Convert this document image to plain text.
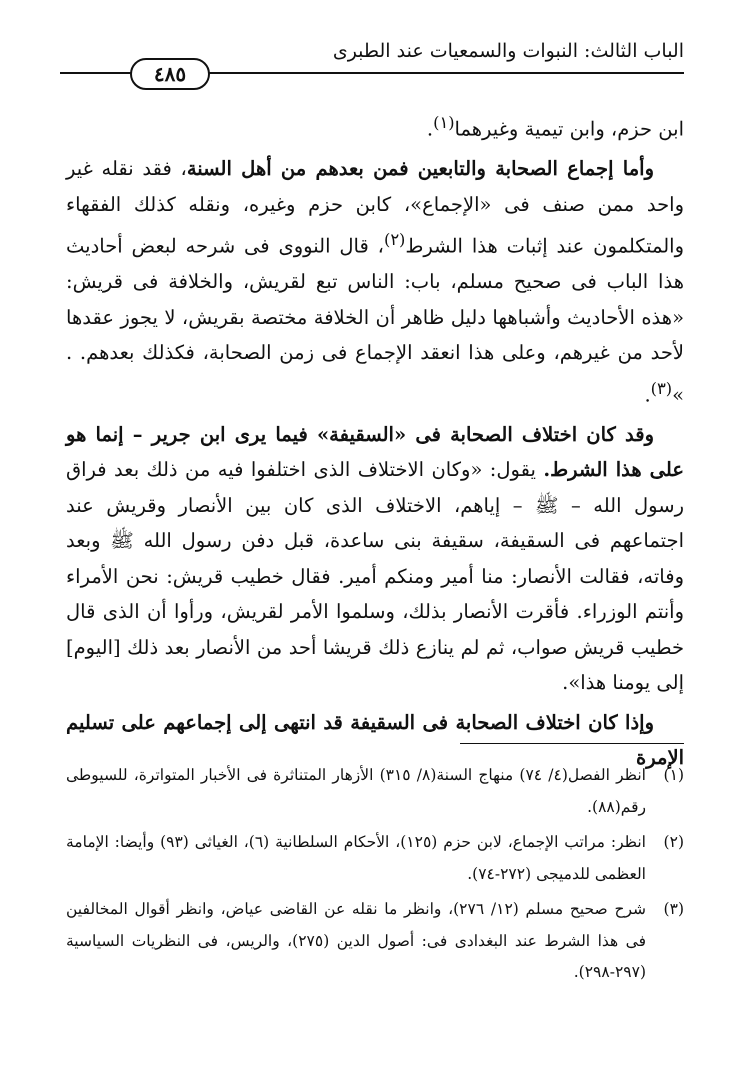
الباب الثالث: النبوات والسمعيات عند الطبرى
٤٨٥

ابن حزم، وابن تيمية وغيرهما$^{(١)}$.

وأما إجماع الصحابة والتابعين فمن بعدهم من أهل السنة، فقد نقله غير واحد ممن صنف فى «الإجماع»، كابن حزم وغيره، ونقله كذلك الفقهاء والمتكلمون عند إثبات هذا الشرط$^{(٢)}$، قال النووى فى شرحه لبعض أحاديث هذا الباب فى صحيح مسلم، باب: الناس تبع لقريش، والخلافة فى قريش: «هذه الأحاديث وأشباهها دليل ظاهر أن الخلافة مختصة بقريش، لا يجوز عقدها لأحد من غيرهم، وعلى هذا انعقد الإجماع فى زمن الصحابة، فكذلك بعدهم. . »$^{(٣)}$.

وقد كان اختلاف الصحابة فى «السقيفة» فيما يرى ابن جرير – إنما هو على هذا الشرط. يقول: «وكان الاختلاف الذى اختلفوا فيه من ذلك بعد فراق رسول الله – ﷺ – إياهم، الاختلاف الذى كان بين الأنصار وقريش عند اجتماعهم فى السقيفة، سقيفة بنى ساعدة، قبل دفن رسول الله ﷺ وبعد وفاته، فقالت الأنصار: منا أمير ومنكم أمير. فقال خطيب قريش: نحن الأمراء وأنتم الوزراء. فأقرت الأنصار بذلك، وسلموا الأمر لقريش، ورأوا أن الذى قال خطيب قريش صواب، ثم لم ينازع ذلك قريشا أحد من الأنصار بعد ذلك [اليوم] إلى يومنا هذا».

وإذا كان اختلاف الصحابة فى السقيفة قد انتهى إلى إجماعهم على تسليم الإمرة

(١)
انظر الفصل(٤/ ٧٤) منهاج السنة(٨/ ٣١٥) الأزهار المتناثرة فى الأخبار المتواترة، للسيوطى رقم(٨٨).
(٢)
انظر: مراتب الإجماع، لابن حزم (١٢٥)، الأحكام السلطانية (٦)، الغياثى (٩٣) وأيضا: الإمامة العظمى للدميجى (٢٧٢-٧٤).
(٣)
شرح صحيح مسلم (١٢/ ٢٧٦)، وانظر ما نقله عن القاضى عياض، وانظر أقوال المخالفين فى هذا الشرط عند البغدادى فى: أصول الدين (٢٧٥)، والريس، فى النظريات السياسية (٢٩٧-٢٩٨).
